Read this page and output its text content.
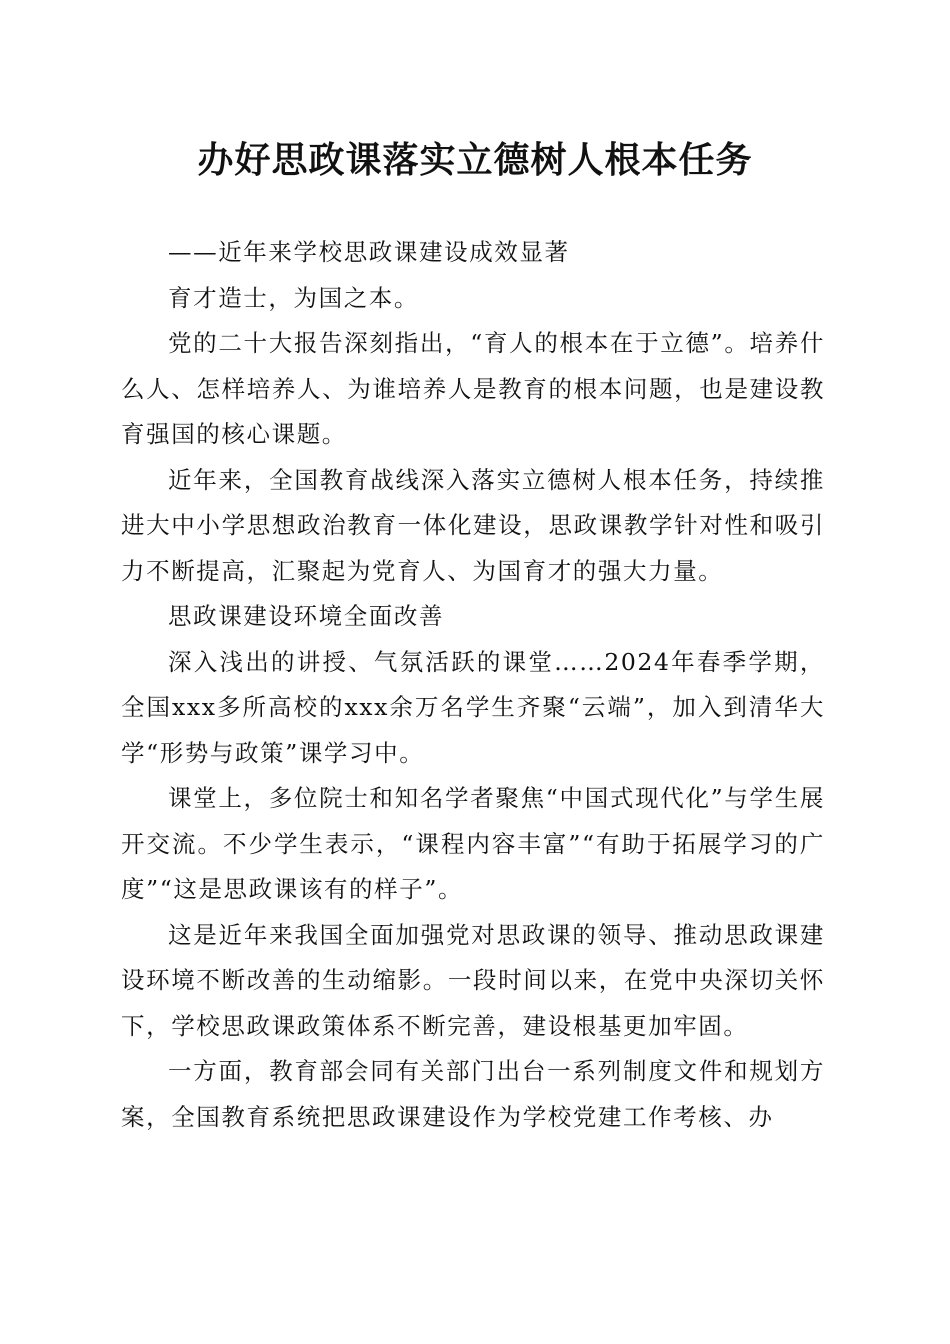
办好思政课落实立德树人根本任务

——近年来学校思政课建设成效显著

育才造士，为国之本。

党的二十大报告深刻指出，“育人的根本在于立德”。培养什么人、怎样培养人、为谁培养人是教育的根本问题，也是建设教育强国的核心课题。

近年来，全国教育战线深入落实立德树人根本任务，持续推进大中小学思想政治教育一体化建设，思政课教学针对性和吸引力不断提高，汇聚起为党育人、为国育才的强大力量。

思政课建设环境全面改善

深入浅出的讲授、气氛活跃的课堂……2024年春季学期，全国xxx多所高校的xxx余万名学生齐聚“云端”，加入到清华大学“形势与政策”课学习中。

课堂上，多位院士和知名学者聚焦“中国式现代化”与学生展开交流。不少学生表示，“课程内容丰富”“有助于拓展学习的广度”“这是思政课该有的样子”。

这是近年来我国全面加强党对思政课的领导、推动思政课建设环境不断改善的生动缩影。一段时间以来，在党中央深切关怀下，学校思政课政策体系不断完善，建设根基更加牢固。

一方面，教育部会同有关部门出台一系列制度文件和规划方案，全国教育系统把思政课建设作为学校党建工作考核、办
